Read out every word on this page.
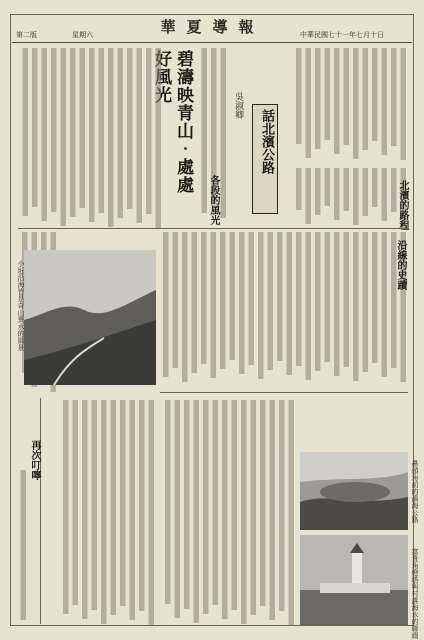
華夏導報	中華民國七十一年七月十日
星期六
第二版
碧濤映青山‧處處
話北濱公路
吳淑卿
北濱的路程
沿線的史蹟
各段的風光
小坵沿海皆是奇山異水的風景
鼻頭角前的濱海公路
富貴角燈塔與村落海水的聯綴
再次叮嚀
